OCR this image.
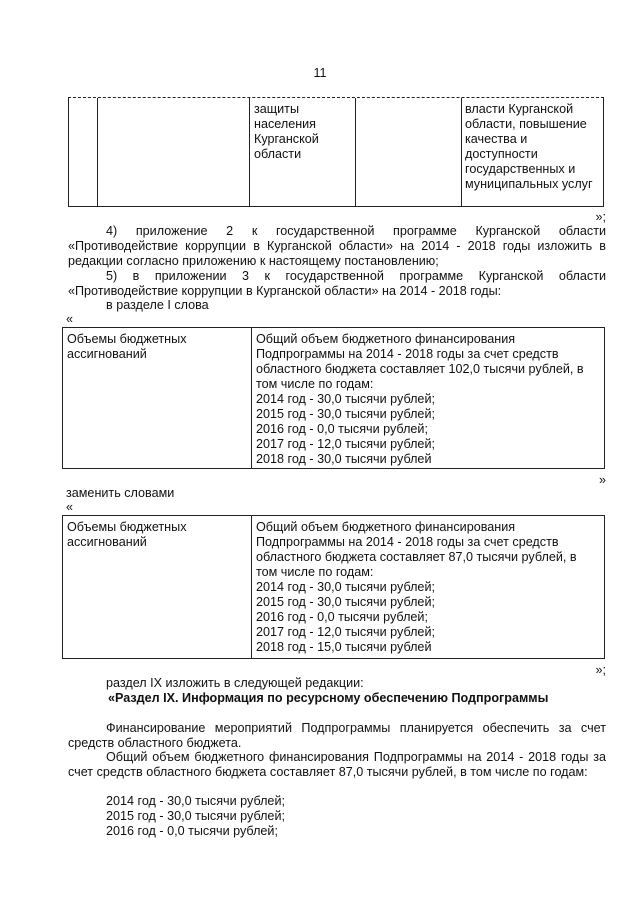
11
защиты
населения
Курганской
области
власти Курганской
области, повышение
качества и
доступности
государственных и
муниципальных услуг
»;
4) приложение 2 к государственной программе Курганской области «Противодействие коррупции в Курганской области» на 2014 - 2018 годы изложить в редакции согласно приложению к настоящему постановлению;
5) в приложении 3 к государственной программе Курганской области «Противодействие коррупции в Курганской области» на 2014 - 2018 годы:
в разделе I слова
«
Объемы бюджетных ассигнований
Общий объем бюджетного финансирования Подпрограммы на 2014 - 2018 годы за счет средств областного бюджета составляет 102,0 тысячи рублей, в том числе по годам:
2014 год - 30,0 тысячи рублей;
2015 год - 30,0 тысячи рублей;
2016 год - 0,0 тысячи рублей;
2017 год - 12,0 тысячи рублей;
2018 год - 30,0 тысячи рублей
»
заменить словами
«
Объемы бюджетных ассигнований
Общий объем бюджетного финансирования Подпрограммы на 2014 - 2018 годы за счет средств областного бюджета составляет 87,0 тысячи рублей, в том числе по годам:
2014 год - 30,0 тысячи рублей;
2015 год - 30,0 тысячи рублей;
2016 год - 0,0 тысячи рублей;
2017 год - 12,0 тысячи рублей;
2018 год - 15,0 тысячи рублей
»;
раздел IX изложить в следующей редакции:
«Раздел IX. Информация по ресурсному обеспечению Подпрограммы
Финансирование мероприятий Подпрограммы планируется обеспечить за счет средств областного бюджета.
Общий объем бюджетного финансирования Подпрограммы на 2014 - 2018 годы за счет средств областного бюджета составляет 87,0 тысячи рублей, в том числе по годам:
2014 год - 30,0 тысячи рублей;
2015 год - 30,0 тысячи рублей;
2016 год - 0,0 тысячи рублей;
